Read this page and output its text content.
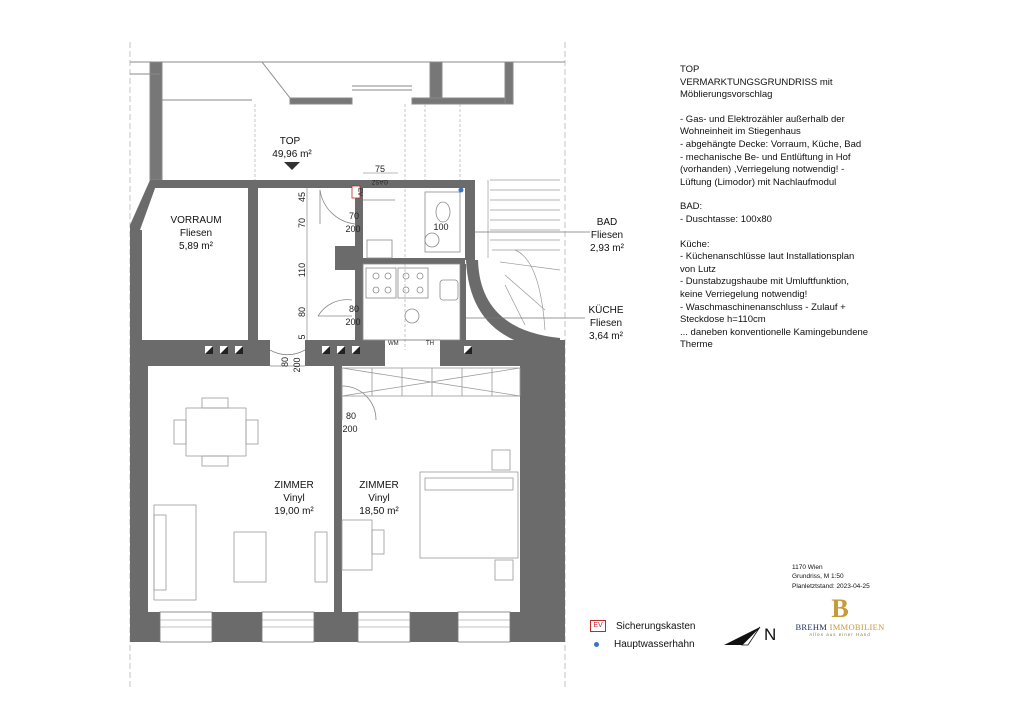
TOP
49,96 m²
VORRAUM
Fliesen
5,89 m²
BAD
Fliesen
2,93 m²
KÜCHE
Fliesen
3,64 m²
ZIMMER
Vinyl
19,00 m²
ZIMMER
Vinyl
18,50 m²
75
45
70
110
80
5
70
200
80
200
80 200
80
200
100
GASZ
WM	TH
EV
TOP
VERMARKTUNGSGRUNDRISS mit
Möblierungsvorschlag
- Gas- und Elektrozähler außerhalb der
Wohneinheit im Stiegenhaus
- abgehängte Decke: Vorraum, Küche, Bad
- mechanische Be- und Entlüftung in Hof
(vorhanden) ,Verriegelung notwendig! -
Lüftung (Limodor) mit Nachlaufmodul
BAD:
- Duschtasse: 100x80
Küche:
- Küchenanschlüsse laut Installationsplan
von Lutz
- Dunstabzugshaube mit Umluftfunktion,
keine Verriegelung notwendig!
- Waschmaschinenanschluss - Zulauf +
Steckdose h=110cm
... daneben konventionelle Kamingebundene
Therme
EV	Sicherungskasten
Hauptwasserhahn	N
1170 Wien
Grundriss, M 1:50
Planletztstand: 2023-04-25
B
BREHM IMMOBILIEN
Alles aus einer Hand
